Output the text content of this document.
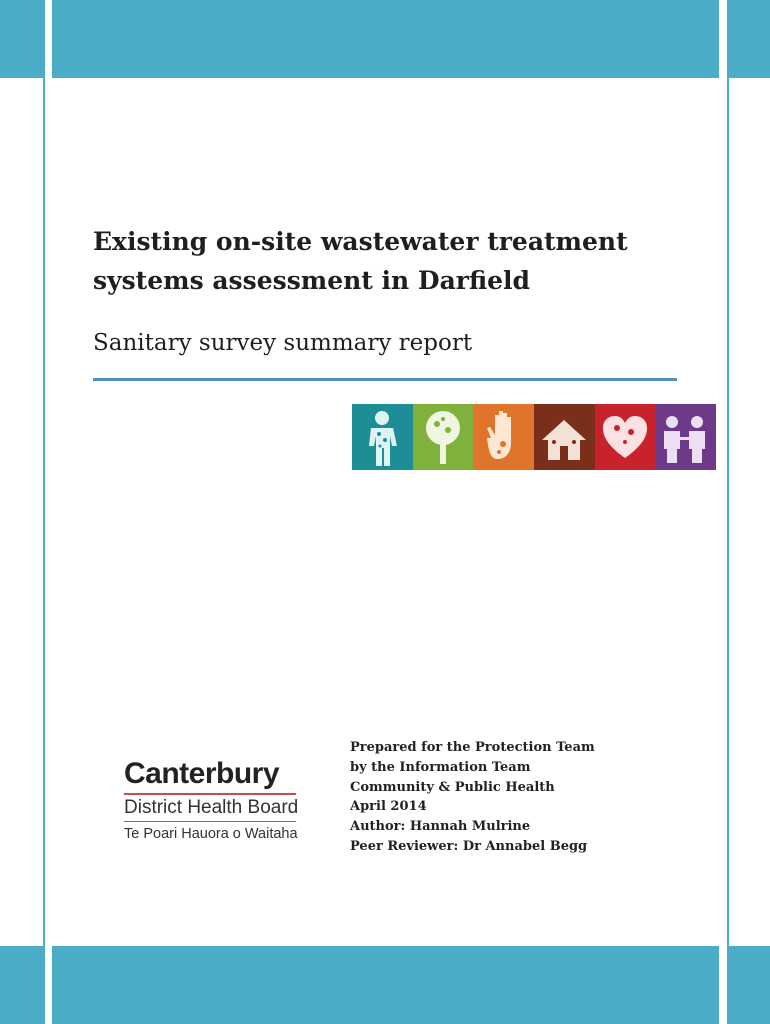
Existing on-site wastewater treatment
systems assessment in Darfield

Sanitary survey summary report

Canterbury
District Health Board
Te Poari Hauora o Waitaha
Prepared for the Protection Team
by the Information Team
Community & Public Health
April 2014
Author: Hannah Mulrine
Peer Reviewer: Dr Annabel Begg
